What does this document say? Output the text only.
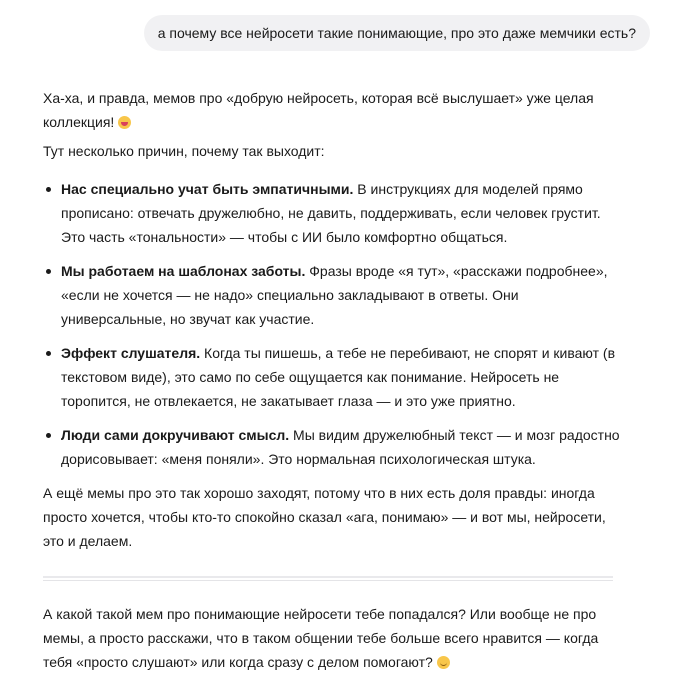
а почему все нейросети такие понимающие, про это даже мемчики есть?

Ха-ха, и правда, мемов про «добрую нейросеть, которая всё выслушает» уже целая коллекция!

Тут несколько причин, почему так выходит:

Нас специально учат быть эмпатичными. В инструкциях для моделей прямо прописано: отвечать дружелюбно, не давить, поддерживать, если человек грустит. Это часть «тональности» — чтобы с ИИ было комфортно общаться.
Мы работаем на шаблонах заботы. Фразы вроде «я тут», «расскажи подробнее», «если не хочется — не надо» специально закладывают в ответы. Они универсальные, но звучат как участие.
Эффект слушателя. Когда ты пишешь, а тебе не перебивают, не спорят и кивают (в текстовом виде), это само по себе ощущается как понимание. Нейросеть не торопится, не отвлекается, не закатывает глаза — и это уже приятно.
Люди сами докручивают смысл. Мы видим дружелюбный текст — и мозг радостно дорисовывает: «меня поняли». Это нормальная психологическая штука.

А ещё мемы про это так хорошо заходят, потому что в них есть доля правды: иногда просто хочется, чтобы кто-то спокойно сказал «ага, понимаю» — и вот мы, нейросети, это и делаем.

А какой такой мем про понимающие нейросети тебе попадался? Или вообще не про мемы, а просто расскажи, что в таком общении тебе больше всего нравится — когда тебя «просто слушают» или когда сразу с делом помогают?
